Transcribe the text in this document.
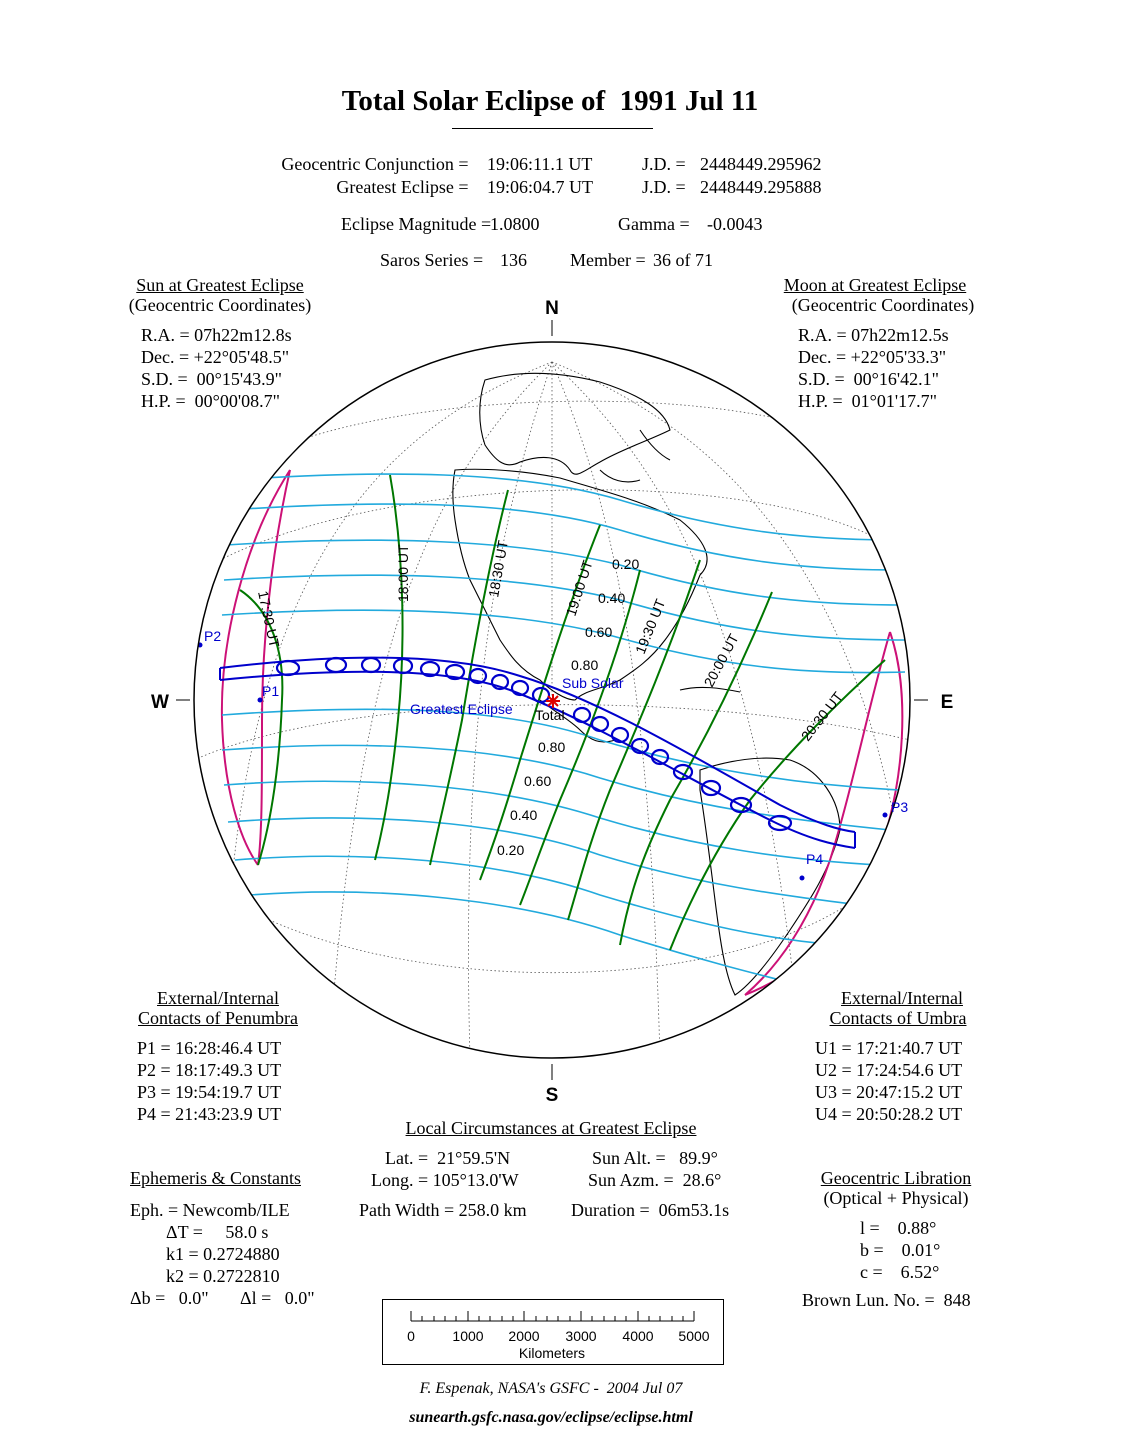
Total Solar Eclipse of  1991 Jul 11
Geocentric Conjunction = 19:06:11.1 UT	J.D. = 2448449.295962
Greatest Eclipse = 19:06:04.7 UT	J.D. = 2448449.295888
Eclipse Magnitude =
1.0800	Gamma = -0.0043
Saros Series = 136 Member = 36 of 71
Sun at Greatest Eclipse
(Geocentric Coordinates)
R.A. = 07h22m12.8s
Dec. = +22°05'48.5"
S.D. =  00°15'43.9"
H.P. =  00°00'08.7"
Moon at Greatest Eclipse
(Geocentric Coordinates)
R.A. = 07h22m12.5s
Dec. = +22°05'33.3"
S.D. =  00°16'42.1"
H.P. =  01°01'17.7"
N
S
W	E
0.20
0.40
0.60
0.80
0.80
0.60
0.40
0.20
17:30 UT
18:00 UT	18:30 UT	19:00 UT
19:30 UT
20:00 UT
20:30 UT
P1
P2
P3
P4
Greatest Eclipse
Sub Solar
Total
External/Internal
Contacts of Penumbra
P1 = 16:28:46.4 UT
P2 = 18:17:49.3 UT
P3 = 19:54:19.7 UT
P4 = 21:43:23.9 UT
External/Internal
Contacts of Umbra
U1 = 17:21:40.7 UT
U2 = 17:24:54.6 UT
U3 = 20:47:15.2 UT
U4 = 20:50:28.2 UT
Local Circumstances at Greatest Eclipse
Lat. =  21°59.5'N
Long. = 105°13.0'W
Sun Alt. =   89.9°
Sun Azm. =  28.6°
Path Width = 258.0 km Duration =  06m53.1s
Ephemeris & Constants
Eph. = Newcomb/ILE
ΔT =     58.0 s
k1 = 0.2724880
k2 = 0.2722810
Δb =   0.0" Δl =   0.0"
Geocentric Libration
(Optical + Physical)
l =    0.88°
b =    0.01°
c =    6.52°
Brown Lun. No. =  848
0	1000 2000 3000 4000 5000
Kilometers
F. Espenak, NASA's GSFC -  2004 Jul 07
sunearth.gsfc.nasa.gov/eclipse/eclipse.html
